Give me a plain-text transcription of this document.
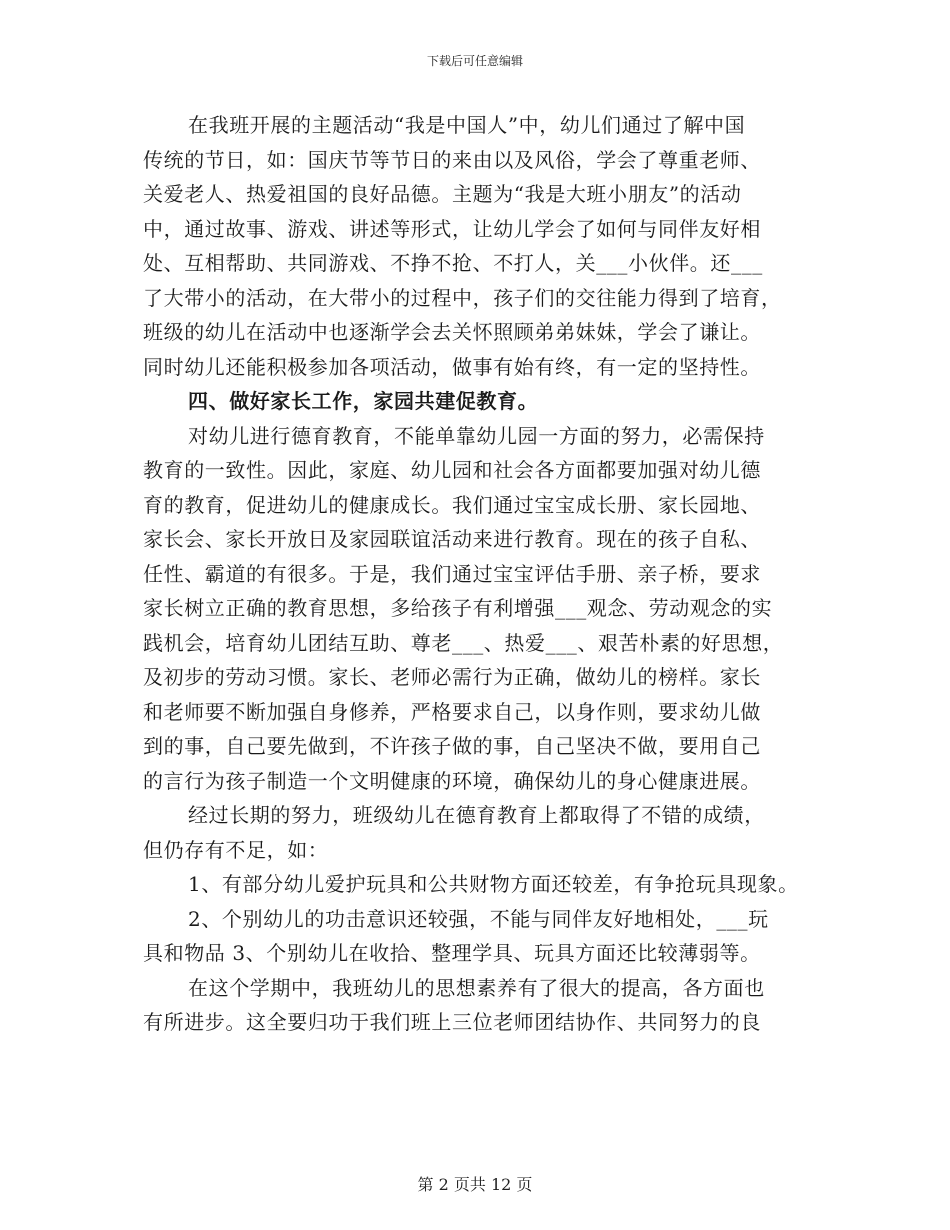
下载后可任意编辑
在我班开展的主题活动“我是中国人”中，幼儿们通过了解中国
传统的节日，如：国庆节等节日的来由以及风俗，学会了尊重老师、
关爱老人、热爱祖国的良好品德。主题为“我是大班小朋友”的活动
中，通过故事、游戏、讲述等形式，让幼儿学会了如何与同伴友好相
处、互相帮助、共同游戏、不挣不抢、不打人，关___小伙伴。还___
了大带小的活动，在大带小的过程中，孩子们的交往能力得到了培育，
班级的幼儿在活动中也逐渐学会去关怀照顾弟弟妹妹，学会了谦让。
同时幼儿还能积极参加各项活动，做事有始有终，有一定的坚持性。
四、做好家长工作，家园共建促教育。
对幼儿进行德育教育，不能单靠幼儿园一方面的努力，必需保持
教育的一致性。因此，家庭、幼儿园和社会各方面都要加强对幼儿德
育的教育，促进幼儿的健康成长。我们通过宝宝成长册、家长园地、
家长会、家长开放日及家园联谊活动来进行教育。现在的孩子自私、
任性、霸道的有很多。于是，我们通过宝宝评估手册、亲子桥，要求
家长树立正确的教育思想，多给孩子有利增强___观念、劳动观念的实
践机会，培育幼儿团结互助、尊老___、热爱___、艰苦朴素的好思想，
及初步的劳动习惯。家长、老师必需行为正确，做幼儿的榜样。家长
和老师要不断加强自身修养，严格要求自己，以身作则，要求幼儿做
到的事，自己要先做到，不许孩子做的事，自己坚决不做，要用自己
的言行为孩子制造一个文明健康的环境，确保幼儿的身心健康进展。
经过长期的努力，班级幼儿在德育教育上都取得了不错的成绩，
但仍存有不足，如：
1、有部分幼儿爱护玩具和公共财物方面还较差，有争抢玩具现象。
2、个别幼儿的功击意识还较强，不能与同伴友好地相处，___玩
具和物品 3、个别幼儿在收拾、整理学具、玩具方面还比较薄弱等。
在这个学期中，我班幼儿的思想素养有了很大的提高，各方面也
有所进步。这全要归功于我们班上三位老师团结协作、共同努力的良
第 2 页共 12 页
